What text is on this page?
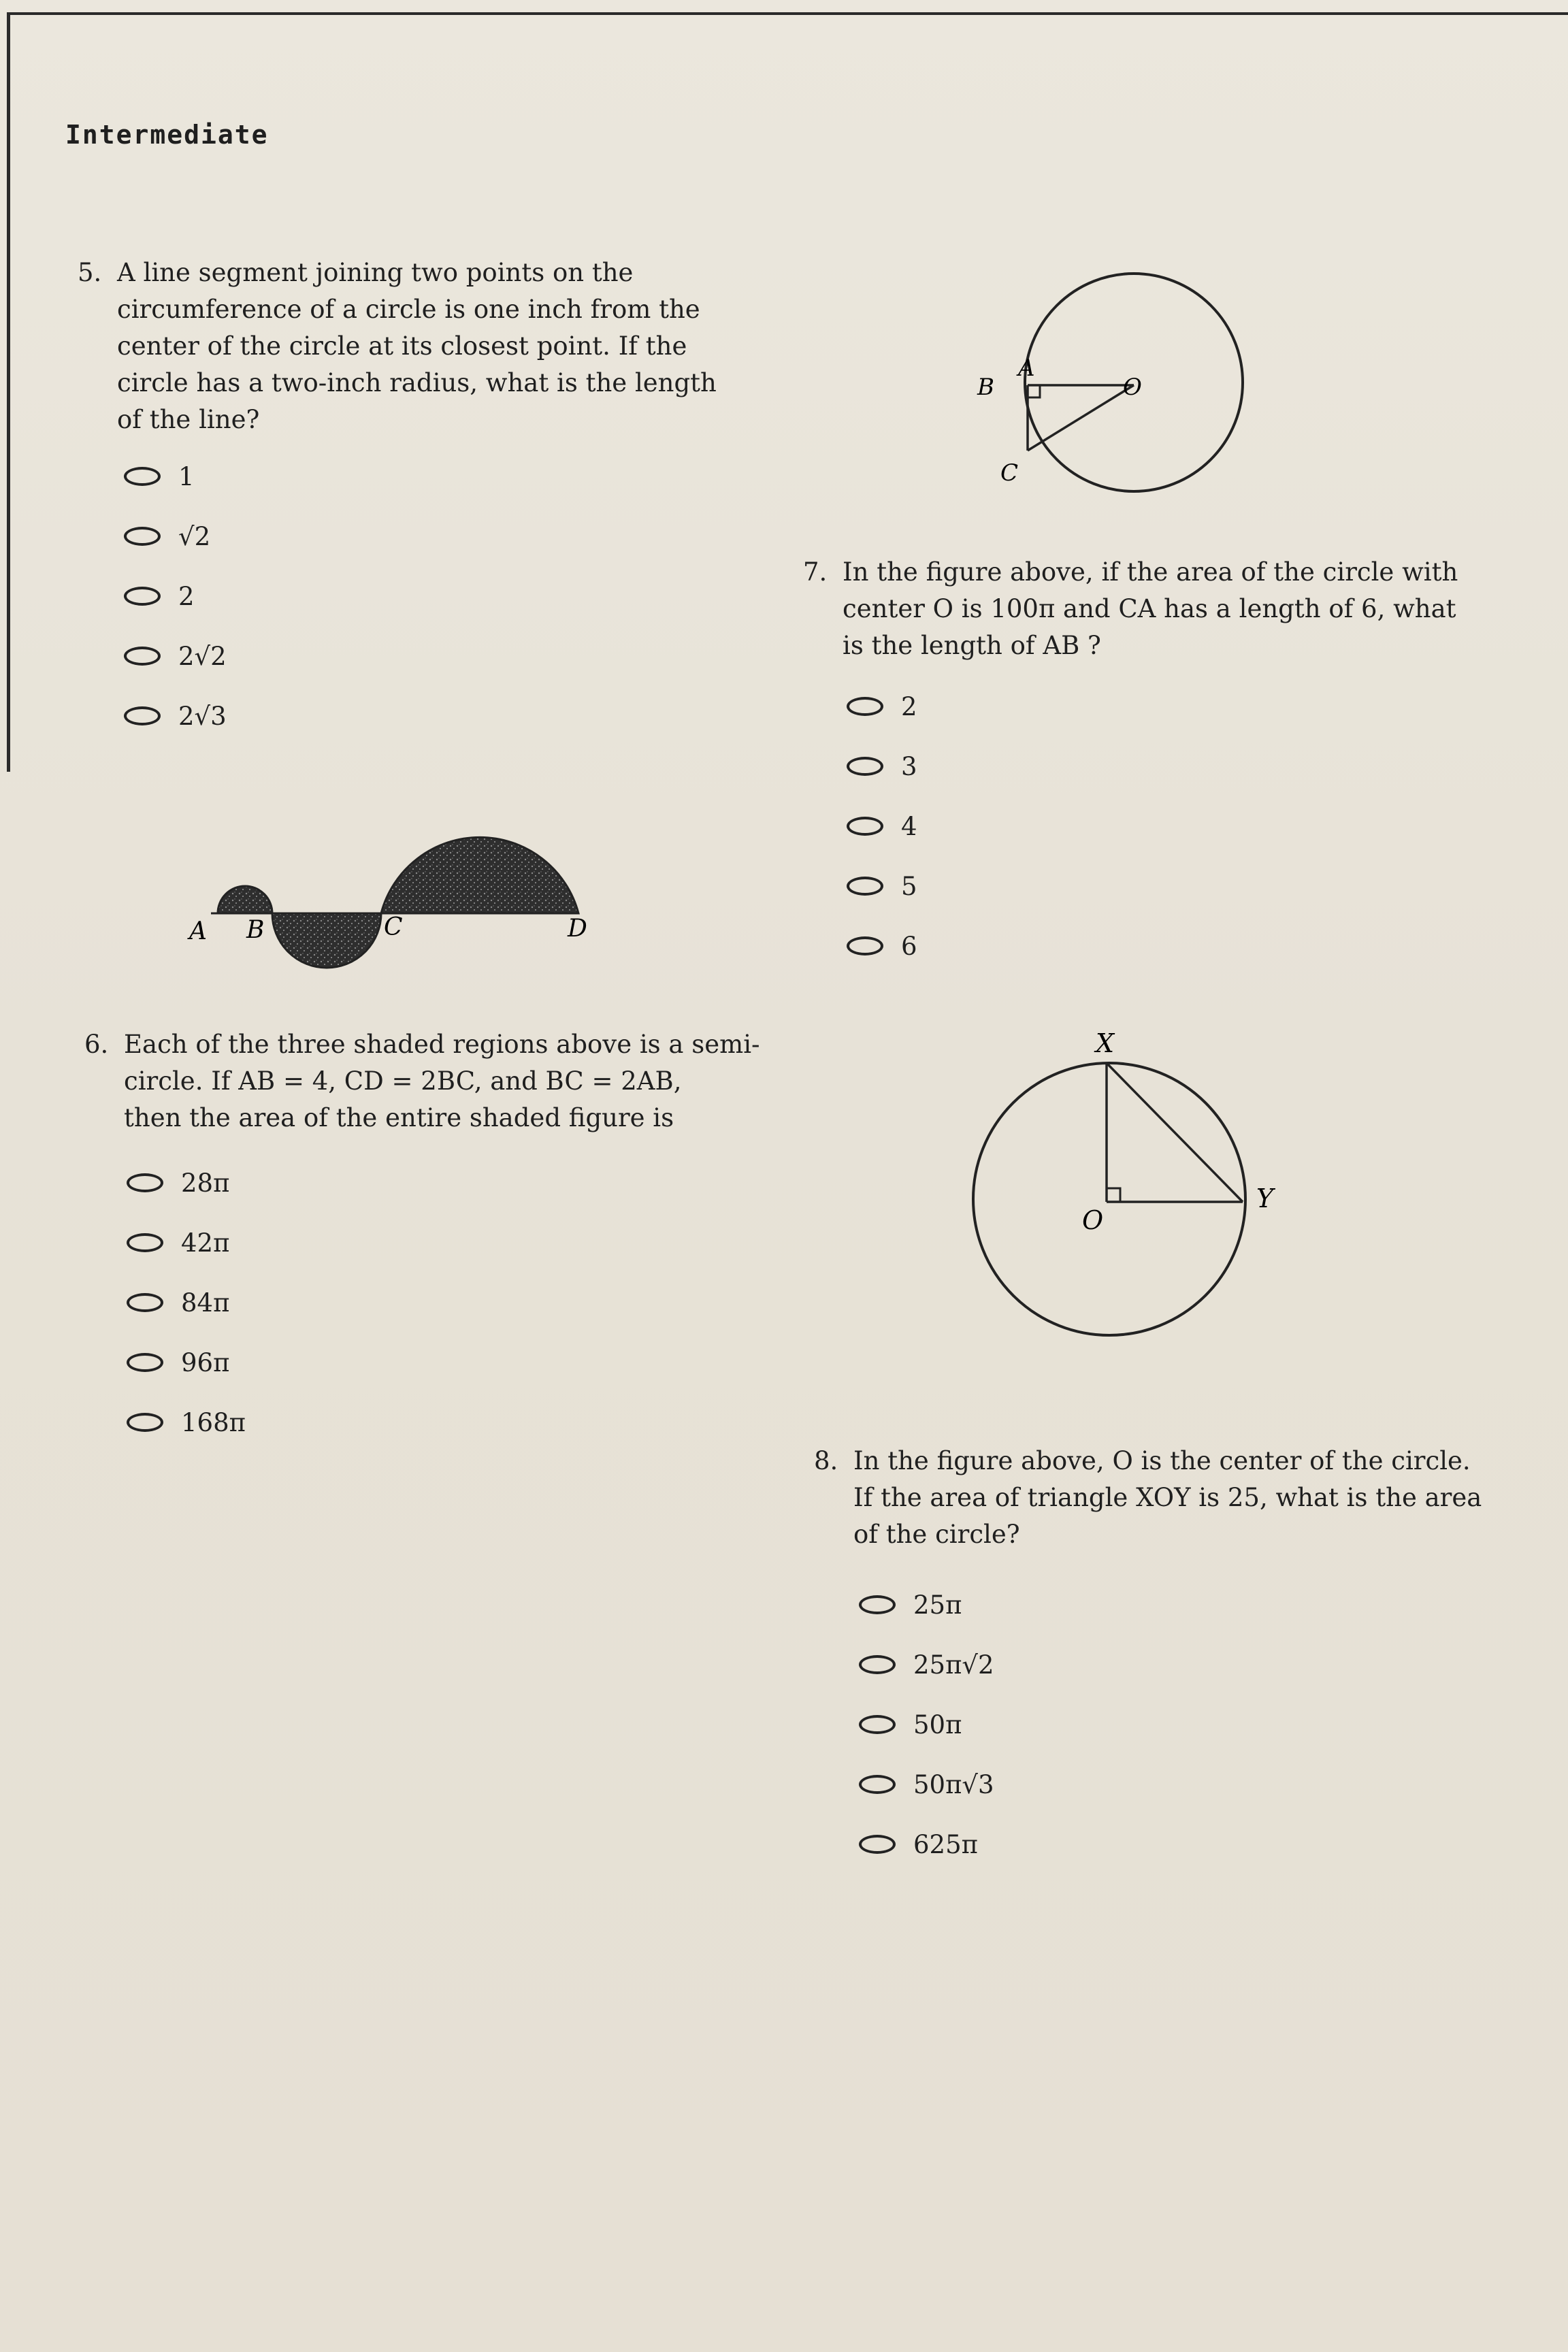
Intermediate
5. A line segment joining two points on the
circumference of a circle is one inch from the
center of the circle at its closest point. If the
circle has a two-inch radius, what is the length
of the line?
1
√2
2
2√2
2√3
A B	C	D
6. Each of the three shaded regions above is a semi-
circle. If AB = 4, CD = 2BC, and BC = 2AB,
then the area of the entire shaded figure is
28π
42π
84π
96π
168π
A
B	O
C
7. In the figure above, if the area of the circle with
center O is 100π and CA has a length of 6, what
is the length of AB ?
2
3
4
5
6
X
Y
O
8. In the figure above, O is the center of the circle.
If the area of triangle XOY is 25, what is the area
of the circle?
25π
25π√2
50π
50π√3
625π
